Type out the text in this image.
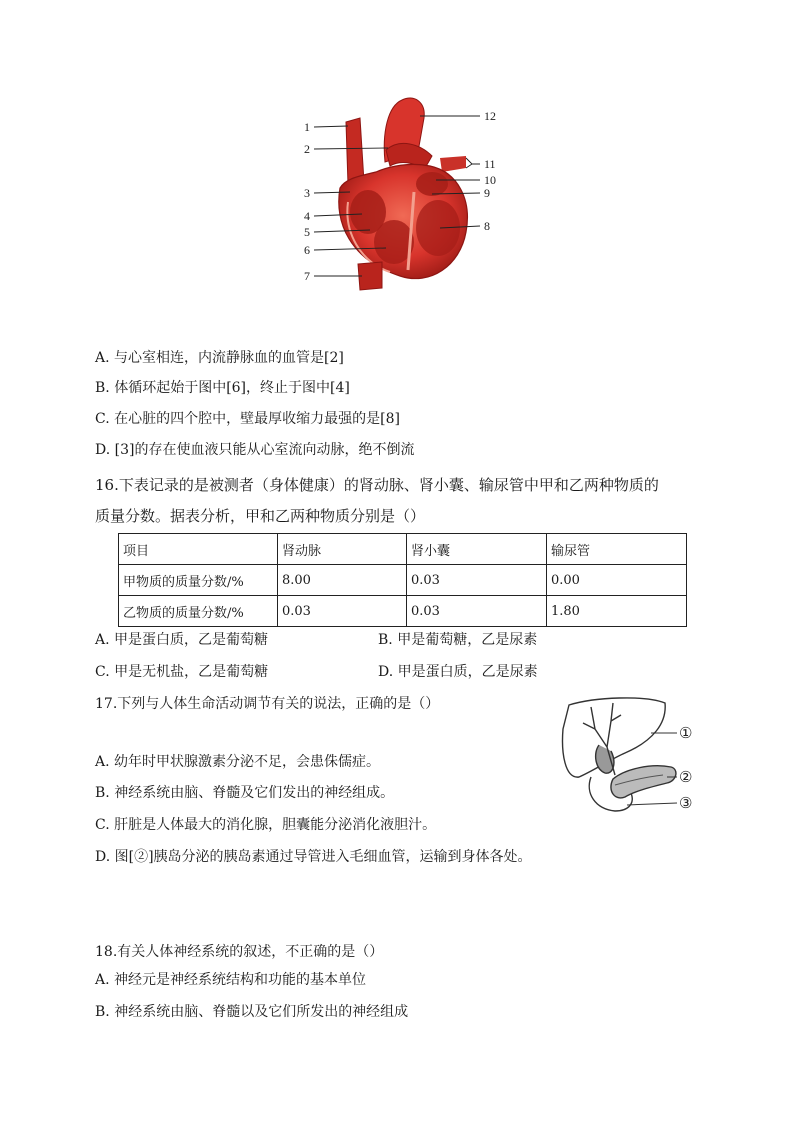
1
2
3
4
5
6
7
8
9
10
11
12
A. 与心室相连，内流静脉血的血管是[2]
B. 体循环起始于图中[6]，终止于图中[4]
C. 在心脏的四个腔中，壁最厚收缩力最强的是[8]
D. [3]的存在使血液只能从心室流向动脉，绝不倒流
16.下表记录的是被测者（身体健康）的肾动脉、肾小囊、输尿管中甲和乙两种物质的
质量分数。据表分析，甲和乙两种物质分别是（）
项目	肾动脉	肾小囊	输尿管
甲物质的质量分数/%	8.00	0.03	0.00
乙物质的质量分数/%	0.03	0.03	1.80
A. 甲是蛋白质，乙是葡萄糖	B. 甲是葡萄糖，乙是尿素
C. 甲是无机盐，乙是葡萄糖	D. 甲是蛋白质，乙是尿素
17.下列与人体生命活动调节有关的说法，正确的是（）
①
②
③
A. 幼年时甲状腺激素分泌不足，会患侏儒症。
B. 神经系统由脑、脊髓及它们发出的神经组成。
C. 肝脏是人体最大的消化腺，胆囊能分泌消化液胆汁。
D. 图[②]胰岛分泌的胰岛素通过导管进入毛细血管，运输到身体各处。
18.有关人体神经系统的叙述，不正确的是（）
A. 神经元是神经系统结构和功能的基本单位
B. 神经系统由脑、脊髓以及它们所发出的神经组成
